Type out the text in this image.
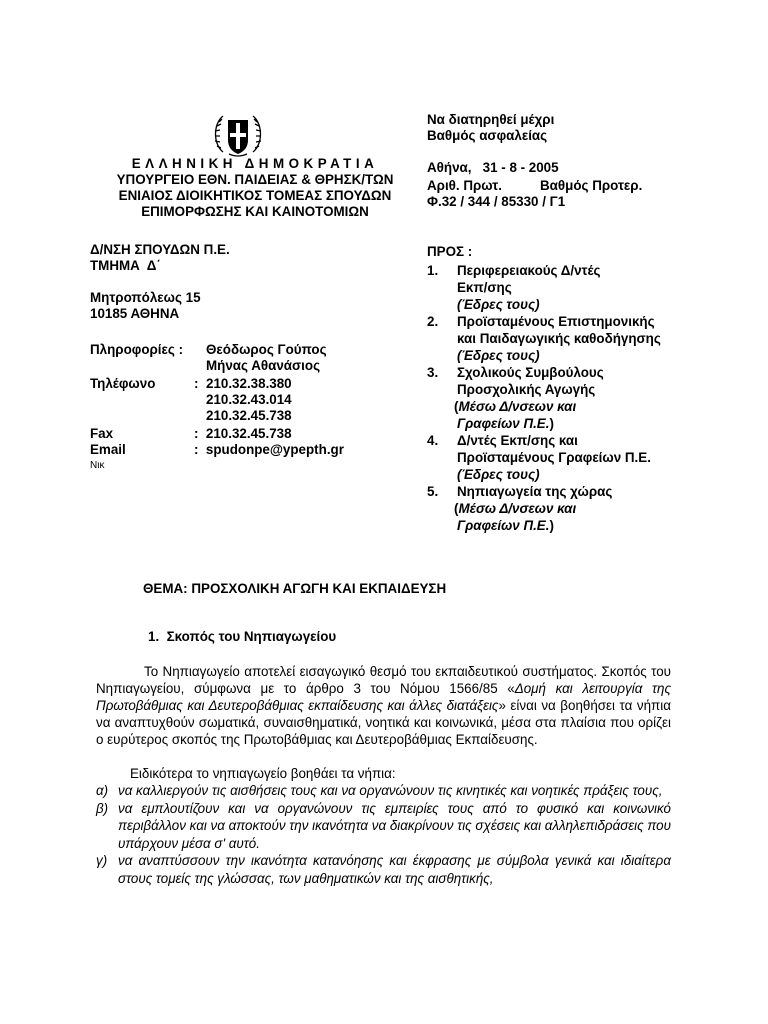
ΕΛΛΗΝΙΚΗ ΔΗΜΟΚΡΑΤΙΑ
ΥΠΟΥΡΓΕΙΟ ΕΘΝ. ΠΑΙΔΕΙΑΣ & ΘΡΗΣΚ/ΤΩΝ
ΕΝΙΑΙΟΣ ΔΙΟΙΚΗΤΙΚΟΣ ΤΟΜΕΑΣ ΣΠΟΥΔΩΝ
ΕΠΙΜΟΡΦΩΣΗΣ ΚΑΙ ΚΑΙΝΟΤΟΜΙΩΝ
Δ/ΝΣΗ ΣΠΟΥΔΩΝ Π.Ε.
ΤΜΗΜΑ  Δ΄
Μητροπόλεως 15
10185 ΑΘΗΝΑ
Πληροφορίες : Θεόδωρος Γούπος
Μήνας Αθανάσιος
Τηλέφωνο	: 210.32.38.380
210.32.43.014
210.32.45.738
Fax	:  210.32.45.738
Email	:  spudonpe@ypepth.gr
Νικ
Να διατηρηθεί μέχρι
Βαθμός ασφαλείας
Αθήνα,   31 - 8 - 2005
Αριθ. Πρωτ.	Βαθμός Προτερ.
Φ.32 / 344 / 85330 / Γ1
ΠΡΟΣ :
1. Περιφερειακούς Δ/ντές
Εκπ/σης
(Έδρες τους)
2. Προϊσταμένους Επιστημονικής
και Παιδαγωγικής καθοδήγησης
(Έδρες τους)
3. Σχολικούς Συμβούλους
Προσχολικής Αγωγής
(Μέσω Δ/νσεων και
Γραφείων Π.Ε.)
4. Δ/ντές Εκπ/σης και
Προϊσταμένους Γραφείων Π.Ε.
(Έδρες τους)
5. Νηπιαγωγεία της χώρας
(Μέσω Δ/νσεων και
Γραφείων Π.Ε.)
ΘΕΜΑ: ΠΡΟΣΧΟΛΙΚΗ ΑΓΩΓΗ ΚΑΙ ΕΚΠΑΙΔΕΥΣΗ
1.  Σκοπός του Νηπιαγωγείου
Το Νηπιαγωγείο αποτελεί εισαγωγικό θεσμό του εκπαιδευτικού συστήματος. Σκοπός του Νηπιαγωγείου, σύμφωνα με το άρθρο 3 του Νόμου 1566/85 «Δομή και λειτουργία της Πρωτοβάθμιας και Δευτεροβάθμιας εκπαίδευσης και άλλες διατάξεις» είναι να βοηθήσει τα νήπια να αναπτυχθούν σωματικά, συναισθηματικά, νοητικά και κοινωνικά, μέσα στα πλαίσια που ορίζει ο ευρύτερος σκοπός της Πρωτοβάθμιας και Δευτεροβάθμιας Εκπαίδευσης.
Ειδικότερα το νηπιαγωγείο βοηθάει τα νήπια:
α) να καλλιεργούν τις αισθήσεις τους και να οργανώνουν τις κινητικές και νοητικές πράξεις τους,
β) να εμπλουτίζουν και να οργανώνουν τις εμπειρίες τους από το φυσικό και κοινωνικό περιβάλλον και να αποκτούν την ικανότητα να διακρίνουν τις σχέσεις και αλληλεπιδράσεις που υπάρχουν μέσα σ' αυτό.
γ) να αναπτύσσουν την ικανότητα κατανόησης και έκφρασης με σύμβολα γενικά και ιδιαίτερα στους τομείς της γλώσσας, των μαθηματικών και της αισθητικής,
